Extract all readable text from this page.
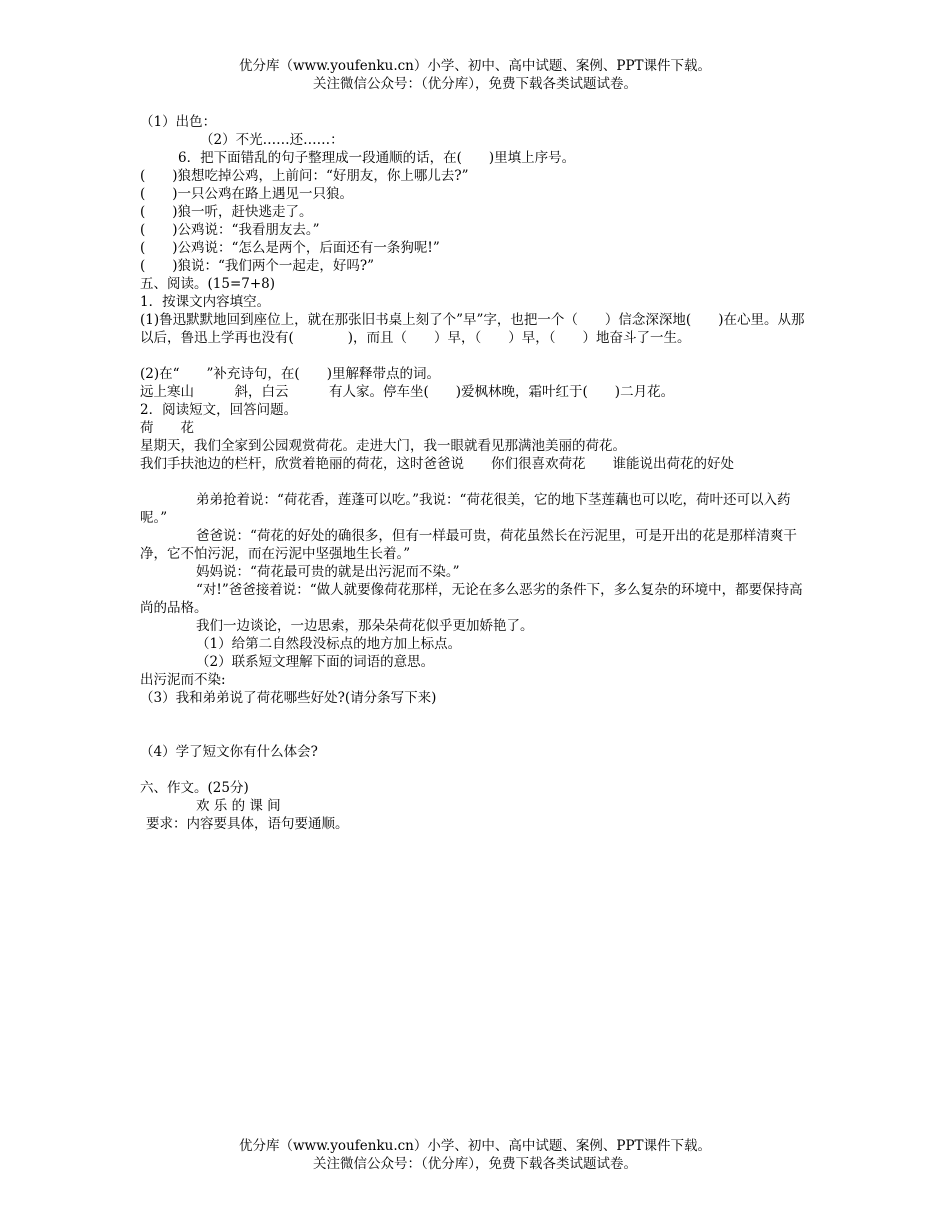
优分库（www.youfenku.cn）小学、初中、高中试题、案例、PPT课件下载。
关注微信公众号：（优分库），免费下载各类试题试卷。
（1）出色：
（2）不光……还……：
6．把下面错乱的句子整理成一段通顺的话，在(　　)里填上序号。
(　　)狼想吃掉公鸡，上前问：“好朋友，你上哪儿去?”
(　　)一只公鸡在路上遇见一只狼。
(　　)狼一听，赶快逃走了。
(　　)公鸡说：“我看朋友去。”
(　　)公鸡说：“怎么是两个，后面还有一条狗呢!”
(　　)狼说：“我们两个一起走，好吗?”
五、阅读。(15=7+8)
1．按课文内容填空。
(1)鲁迅默默地回到座位上，就在那张旧书桌上刻了个”早”字，也把一个（　　）信念深深地(　　)在心里。从那以后，鲁迅上学再也没有(　　　　)，而且（　　）早，（　　）早，（　　）地奋斗了一生。
(2)在“　　”补充诗句，在(　　)里解释带点的词。
远上寒山　　　斜，白云　　　有人家。停车坐(　　)爱枫林晚，霜叶红于(　　)二月花。
2．阅读短文，回答问题。
荷　　花
星期天，我们全家到公园观赏荷花。走进大门，我一眼就看见那满池美丽的荷花。
我们手扶池边的栏杆，欣赏着艳丽的荷花，这时爸爸说　　你们很喜欢荷花　　谁能说出荷花的好处
弟弟抢着说：“荷花香，莲蓬可以吃。”我说：“荷花很美，它的地下茎莲藕也可以吃，荷叶还可以入药呢。”
爸爸说：“荷花的好处的确很多，但有一样最可贵，荷花虽然长在污泥里，可是开出的花是那样清爽干净，它不怕污泥，而在污泥中坚强地生长着。”
妈妈说：“荷花最可贵的就是出污泥而不染。”
“对!”爸爸接着说：“做人就要像荷花那样，无论在多么恶劣的条件下，多么复杂的环境中，都要保持高尚的品格。
我们一边谈论，一边思索，那朵朵荷花似乎更加娇艳了。
（1）给第二自然段没标点的地方加上标点。
（2）联系短文理解下面的词语的意思。
出污泥而不染:
（3）我和弟弟说了荷花哪些好处?(请分条写下来)
（4）学了短文你有什么体会?
六、作文。(25分)
欢 乐 的 课 间
要求：内容要具体，语句要通顺。
优分库（www.youfenku.cn）小学、初中、高中试题、案例、PPT课件下载。
关注微信公众号：（优分库），免费下载各类试题试卷。
